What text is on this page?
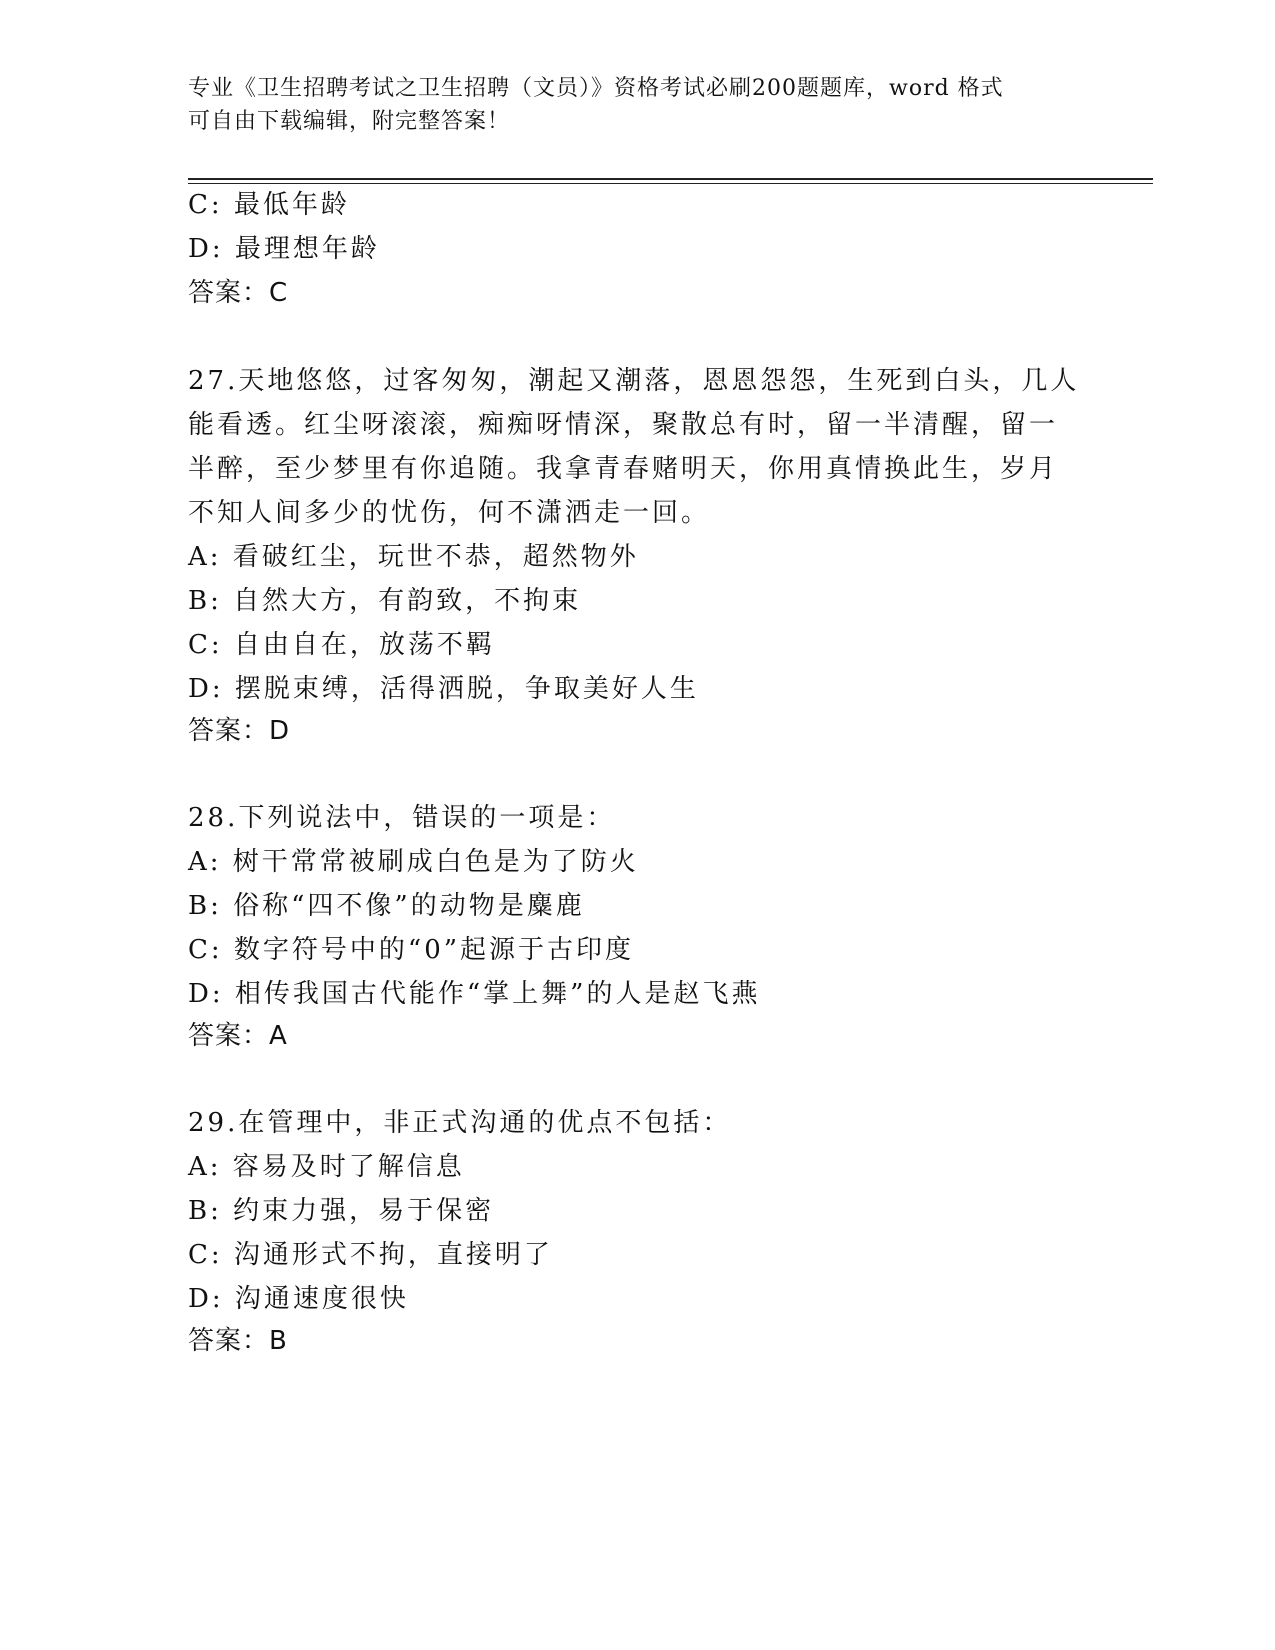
专业《卫生招聘考试之卫生招聘（文员）》资格考试必刷200题题库，word 格式
可自由下载编辑，附完整答案！
C: 最低年龄
D: 最理想年龄
答案：C
27.天地悠悠，过客匆匆，潮起又潮落，恩恩怨怨，生死到白头，几人
能看透。红尘呀滚滚，痴痴呀情深，聚散总有时，留一半清醒，留一
半醉，至少梦里有你追随。我拿青春赌明天，你用真情换此生，岁月
不知人间多少的忧伤，何不潇洒走一回。
A: 看破红尘，玩世不恭，超然物外
B: 自然大方，有韵致，不拘束
C: 自由自在，放荡不羁
D: 摆脱束缚，活得洒脱，争取美好人生
答案：D
28.下列说法中，错误的一项是：
A: 树干常常被刷成白色是为了防火
B: 俗称“四不像”的动物是麋鹿
C: 数字符号中的“0”起源于古印度
D: 相传我国古代能作“掌上舞”的人是赵飞燕
答案：A
29.在管理中，非正式沟通的优点不包括：
A: 容易及时了解信息
B: 约束力强，易于保密
C: 沟通形式不拘，直接明了
D: 沟通速度很快
答案：B
